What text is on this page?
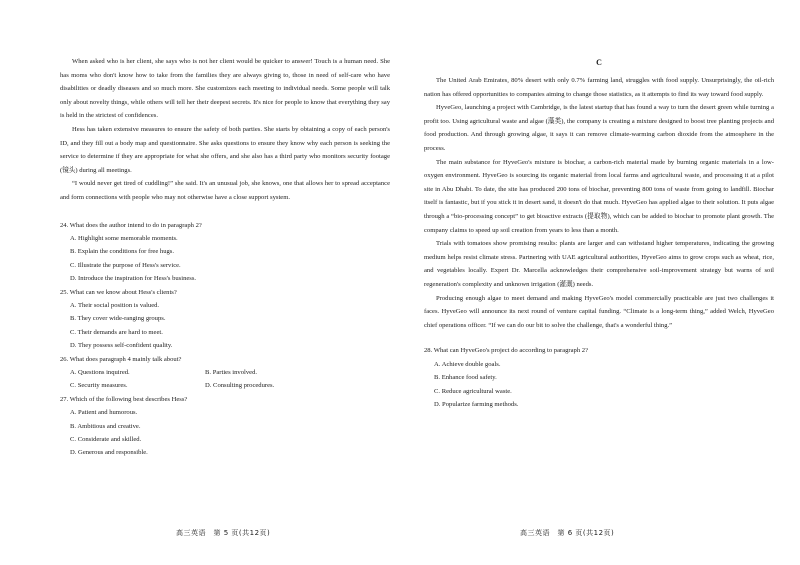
When asked who is her client, she says who is not her client would be quicker to answer! Touch is a human need. She has moms who don't know how to take from the families they are always giving to, those in need of self-care who have disabilities or deadly diseases and so much more. She customizes each meeting to individual needs. Some people will talk only about novelty things, while others will tell her their deepest secrets. It's nice for people to know that everything they say is held in the strictest of confidences.

Hess has taken extensive measures to ensure the safety of both parties. She starts by obtaining a copy of each person's ID, and they fill out a body map and questionnaire. She asks questions to ensure they know why each person is seeking the service to determine if they are appropriate for what she offers, and she also has a third party who monitors security footage (镜头) during all meetings.

“I would never get tired of cuddling!” she said. It's an unusual job, she knows, one that allows her to spread acceptance and form connections with people who may not otherwise have a close support system.

24. What does the author intend to do in paragraph 2?

A. Highlight some memorable moments.

B. Explain the conditions for free hugs.

C. Illustrate the purpose of Hess's service.

D. Introduce the inspiration for Hess's business.

25. What can we know about Hess's clients?

A. Their social position is valued.

B. They cover wide-ranging groups.

C. Their demands are hard to meet.

D. They possess self-confident quality.

26. What does paragraph 4 mainly talk about?

A. Questions inquired.	B. Parties involved.

C. Security measures.	D. Consulting procedures.

27. Which of the following best describes Hess?

A. Patient and humorous.

B. Ambitious and creative.

C. Considerate and skilled.

D. Generous and responsible.

高三英语　第 5 页(共12页)
C

The United Arab Emirates, 80% desert with only 0.7% farming land, struggles with food supply. Unsurprisingly, the oil-rich nation has offered opportunities to companies aiming to change those statistics, as it attempts to find its way toward food supply.

HyveGeo, launching a project with Cambridge, is the latest startup that has found a way to turn the desert green while turning a profit too. Using agricultural waste and algae (藻类), the company is creating a mixture designed to boost tree planting projects and food production. And through growing algae, it says it can remove climate-warming carbon dioxide from the atmosphere in the process.

The main substance for HyveGeo's mixture is biochar, a carbon-rich material made by burning organic materials in a low-oxygen environment. HyveGeo is sourcing its organic material from local farms and agricultural waste, and processing it at a pilot site in Abu Dhabi. To date, the site has produced 200 tons of biochar, preventing 800 tons of waste from going to landfill. Biochar itself is fantastic, but if you stick it in desert sand, it doesn't do that much. HyveGeo has applied algae to their solution. It puts algae through a “bio-processing concept” to get bioactive extracts (提取物), which can be added to biochar to promote plant growth. The company claims to speed up soil creation from years to less than a month.

Trials with tomatoes show promising results: plants are larger and can withstand higher temperatures, indicating the growing medium helps resist climate stress. Partnering with UAE agricultural authorities, HyveGeo aims to grow crops such as wheat, rice, and vegetables locally. Expert Dr. Marcella acknowledges their comprehensive soil-improvement strategy but warns of soil regeneration's complexity and unknown irrigation (灌溉) needs.

Producing enough algae to meet demand and making HyveGeo's model commercially practicable are just two challenges it faces. HyveGeo will announce its next round of venture capital funding. “Climate is a long-term thing,” added Welch, HyveGeo chief operations officer. “If we can do our bit to solve the challenge, that's a wonderful thing.”

28. What can HyveGeo's project do according to paragraph 2?

A. Achieve double goals.

B. Enhance food safety.

C. Reduce agricultural waste.

D. Popularize farming methods.

高三英语　第 6 页(共12页)
